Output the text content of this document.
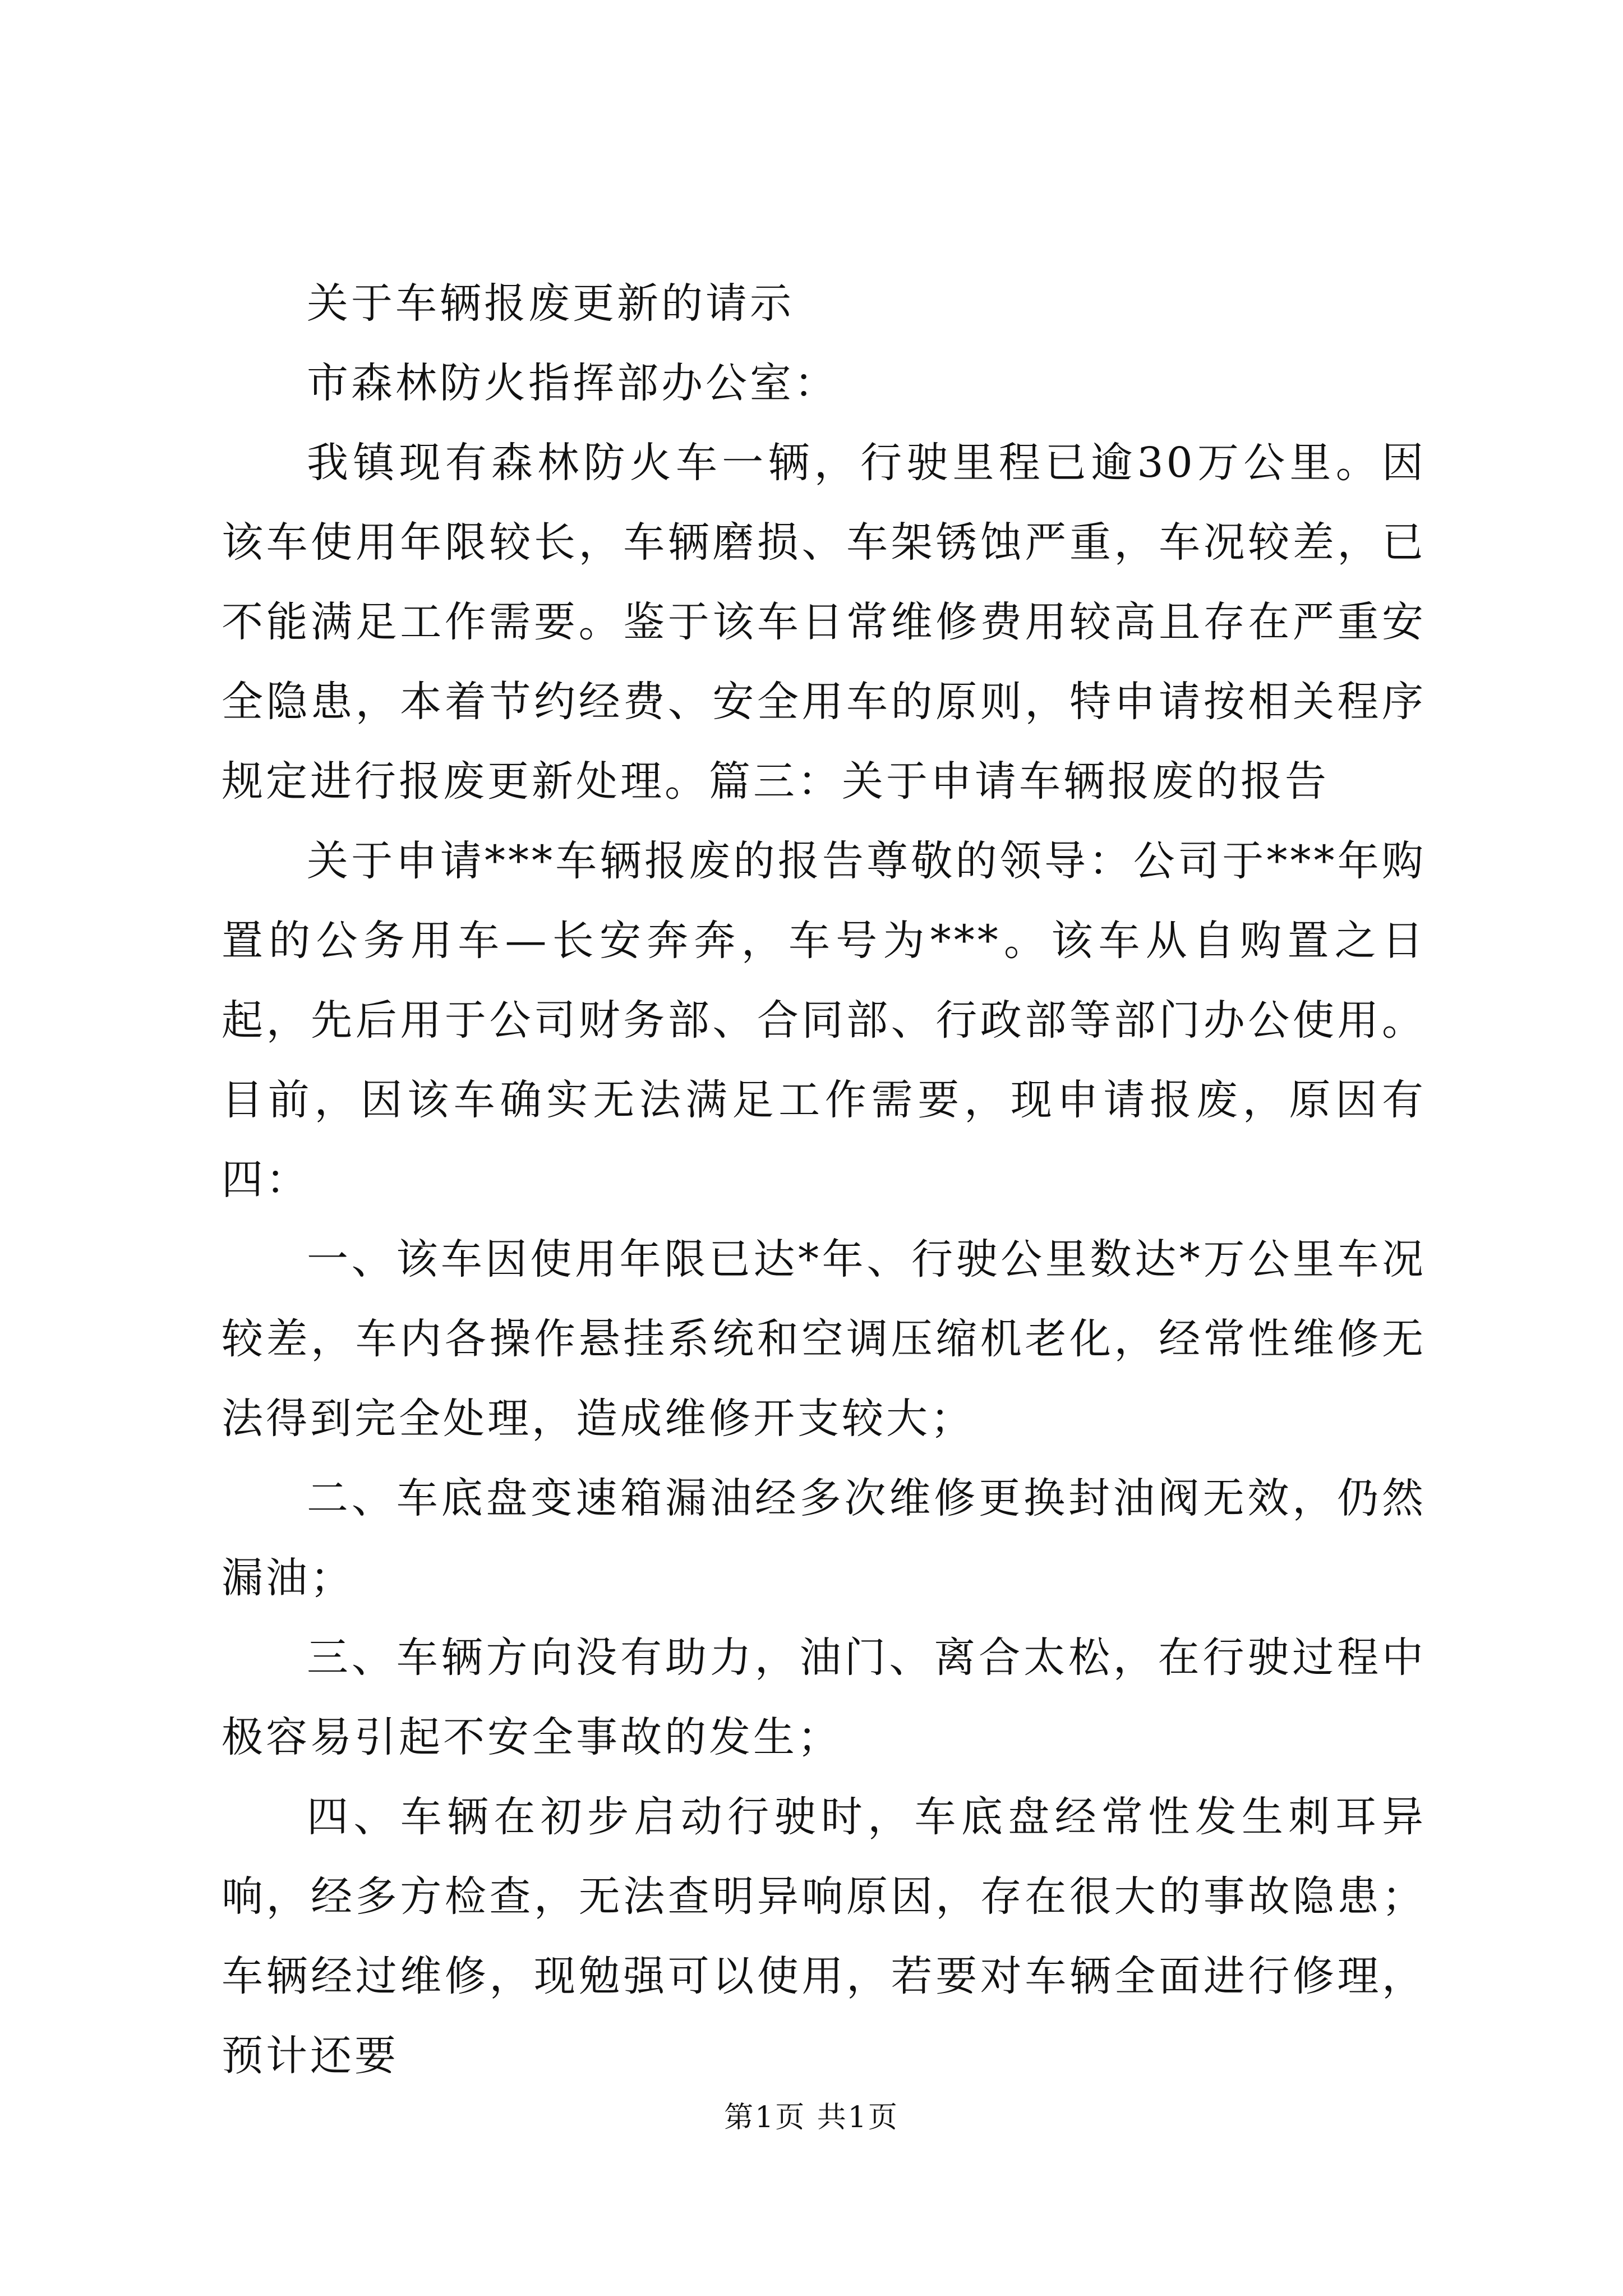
关于车辆报废更新的请示

市森林防火指挥部办公室：

我镇现有森林防火车一辆，行驶里程已逾30万公里。因该车使用年限较长，车辆磨损、车架锈蚀严重，车况较差，已不能满足工作需要。鉴于该车日常维修费用较高且存在严重安全隐患，本着节约经费、安全用车的原则，特申请按相关程序规定进行报废更新处理。篇三：关于申请车辆报废的报告

关于申请***车辆报废的报告尊敬的领导：公司于***年购置的公务用车—长安奔奔，车号为***。该车从自购置之日起，先后用于公司财务部、合同部、行政部等部门办公使用。目前，因该车确实无法满足工作需要，现申请报废，原因有四：

一、该车因使用年限已达*年、行驶公里数达*万公里车况较差，车内各操作悬挂系统和空调压缩机老化，经常性维修无法得到完全处理，造成维修开支较大；

二、车底盘变速箱漏油经多次维修更换封油阀无效，仍然漏油；

三、车辆方向没有助力，油门、离合太松，在行驶过程中极容易引起不安全事故的发生；

四、车辆在初步启动行驶时，车底盘经常性发生刺耳异响，经多方检查，无法查明异响原因，存在很大的事故隐患；车辆经过维修，现勉强可以使用，若要对车辆全面进行修理，预计还要

第1页 共1页
